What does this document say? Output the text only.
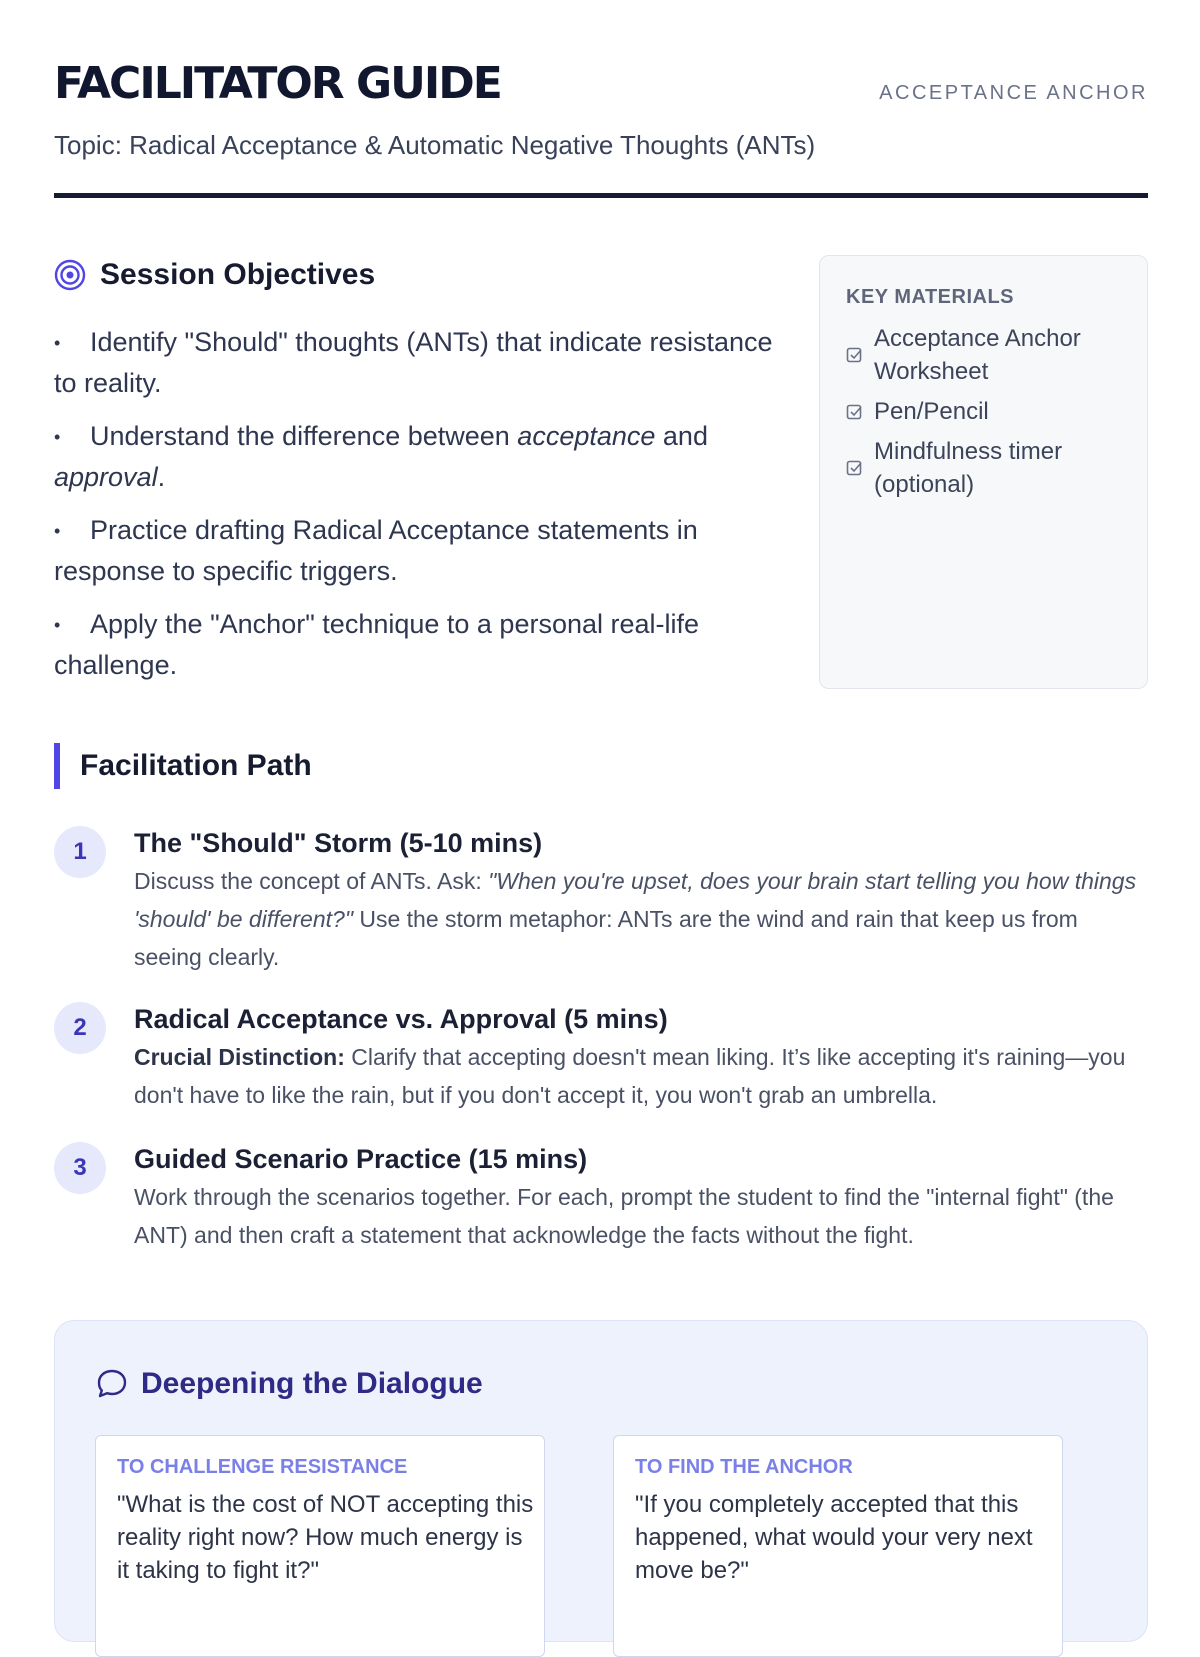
FACILITATOR GUIDE	ACCEPTANCE ANCHOR
Topic: Radical Acceptance & Automatic Negative Thoughts (ANTs)
Session Objectives
• Identify "Should" thoughts (ANTs) that indicate resistance to reality.
• Understand the difference between acceptance and approval.
• Practice drafting Radical Acceptance statements in response to specific triggers.
• Apply the "Anchor" technique to a personal real-life challenge.
KEY MATERIALS
Acceptance Anchor Worksheet
Pen/Pencil
Mindfulness timer (optional)
Facilitation Path
1	The "Should" Storm (5-10 mins)
Discuss the concept of ANTs. Ask: "When you're upset, does your brain start telling you how things 'should' be different?" Use the storm metaphor: ANTs are the wind and rain that keep us from seeing clearly.
2	Radical Acceptance vs. Approval (5 mins)
Crucial Distinction: Clarify that accepting doesn't mean liking. It’s like accepting it's raining—you don't have to like the rain, but if you don't accept it, you won't grab an umbrella.
3	Guided Scenario Practice (15 mins)
Work through the scenarios together. For each, prompt the student to find the "internal fight" (the ANT) and then craft a statement that acknowledge the facts without the fight.
Deepening the Dialogue
TO CHALLENGE RESISTANCE
"What is the cost of NOT accepting this reality right now? How much energy is it taking to fight it?"
TO FIND THE ANCHOR
"If you completely accepted that this happened, what would your very next move be?"
